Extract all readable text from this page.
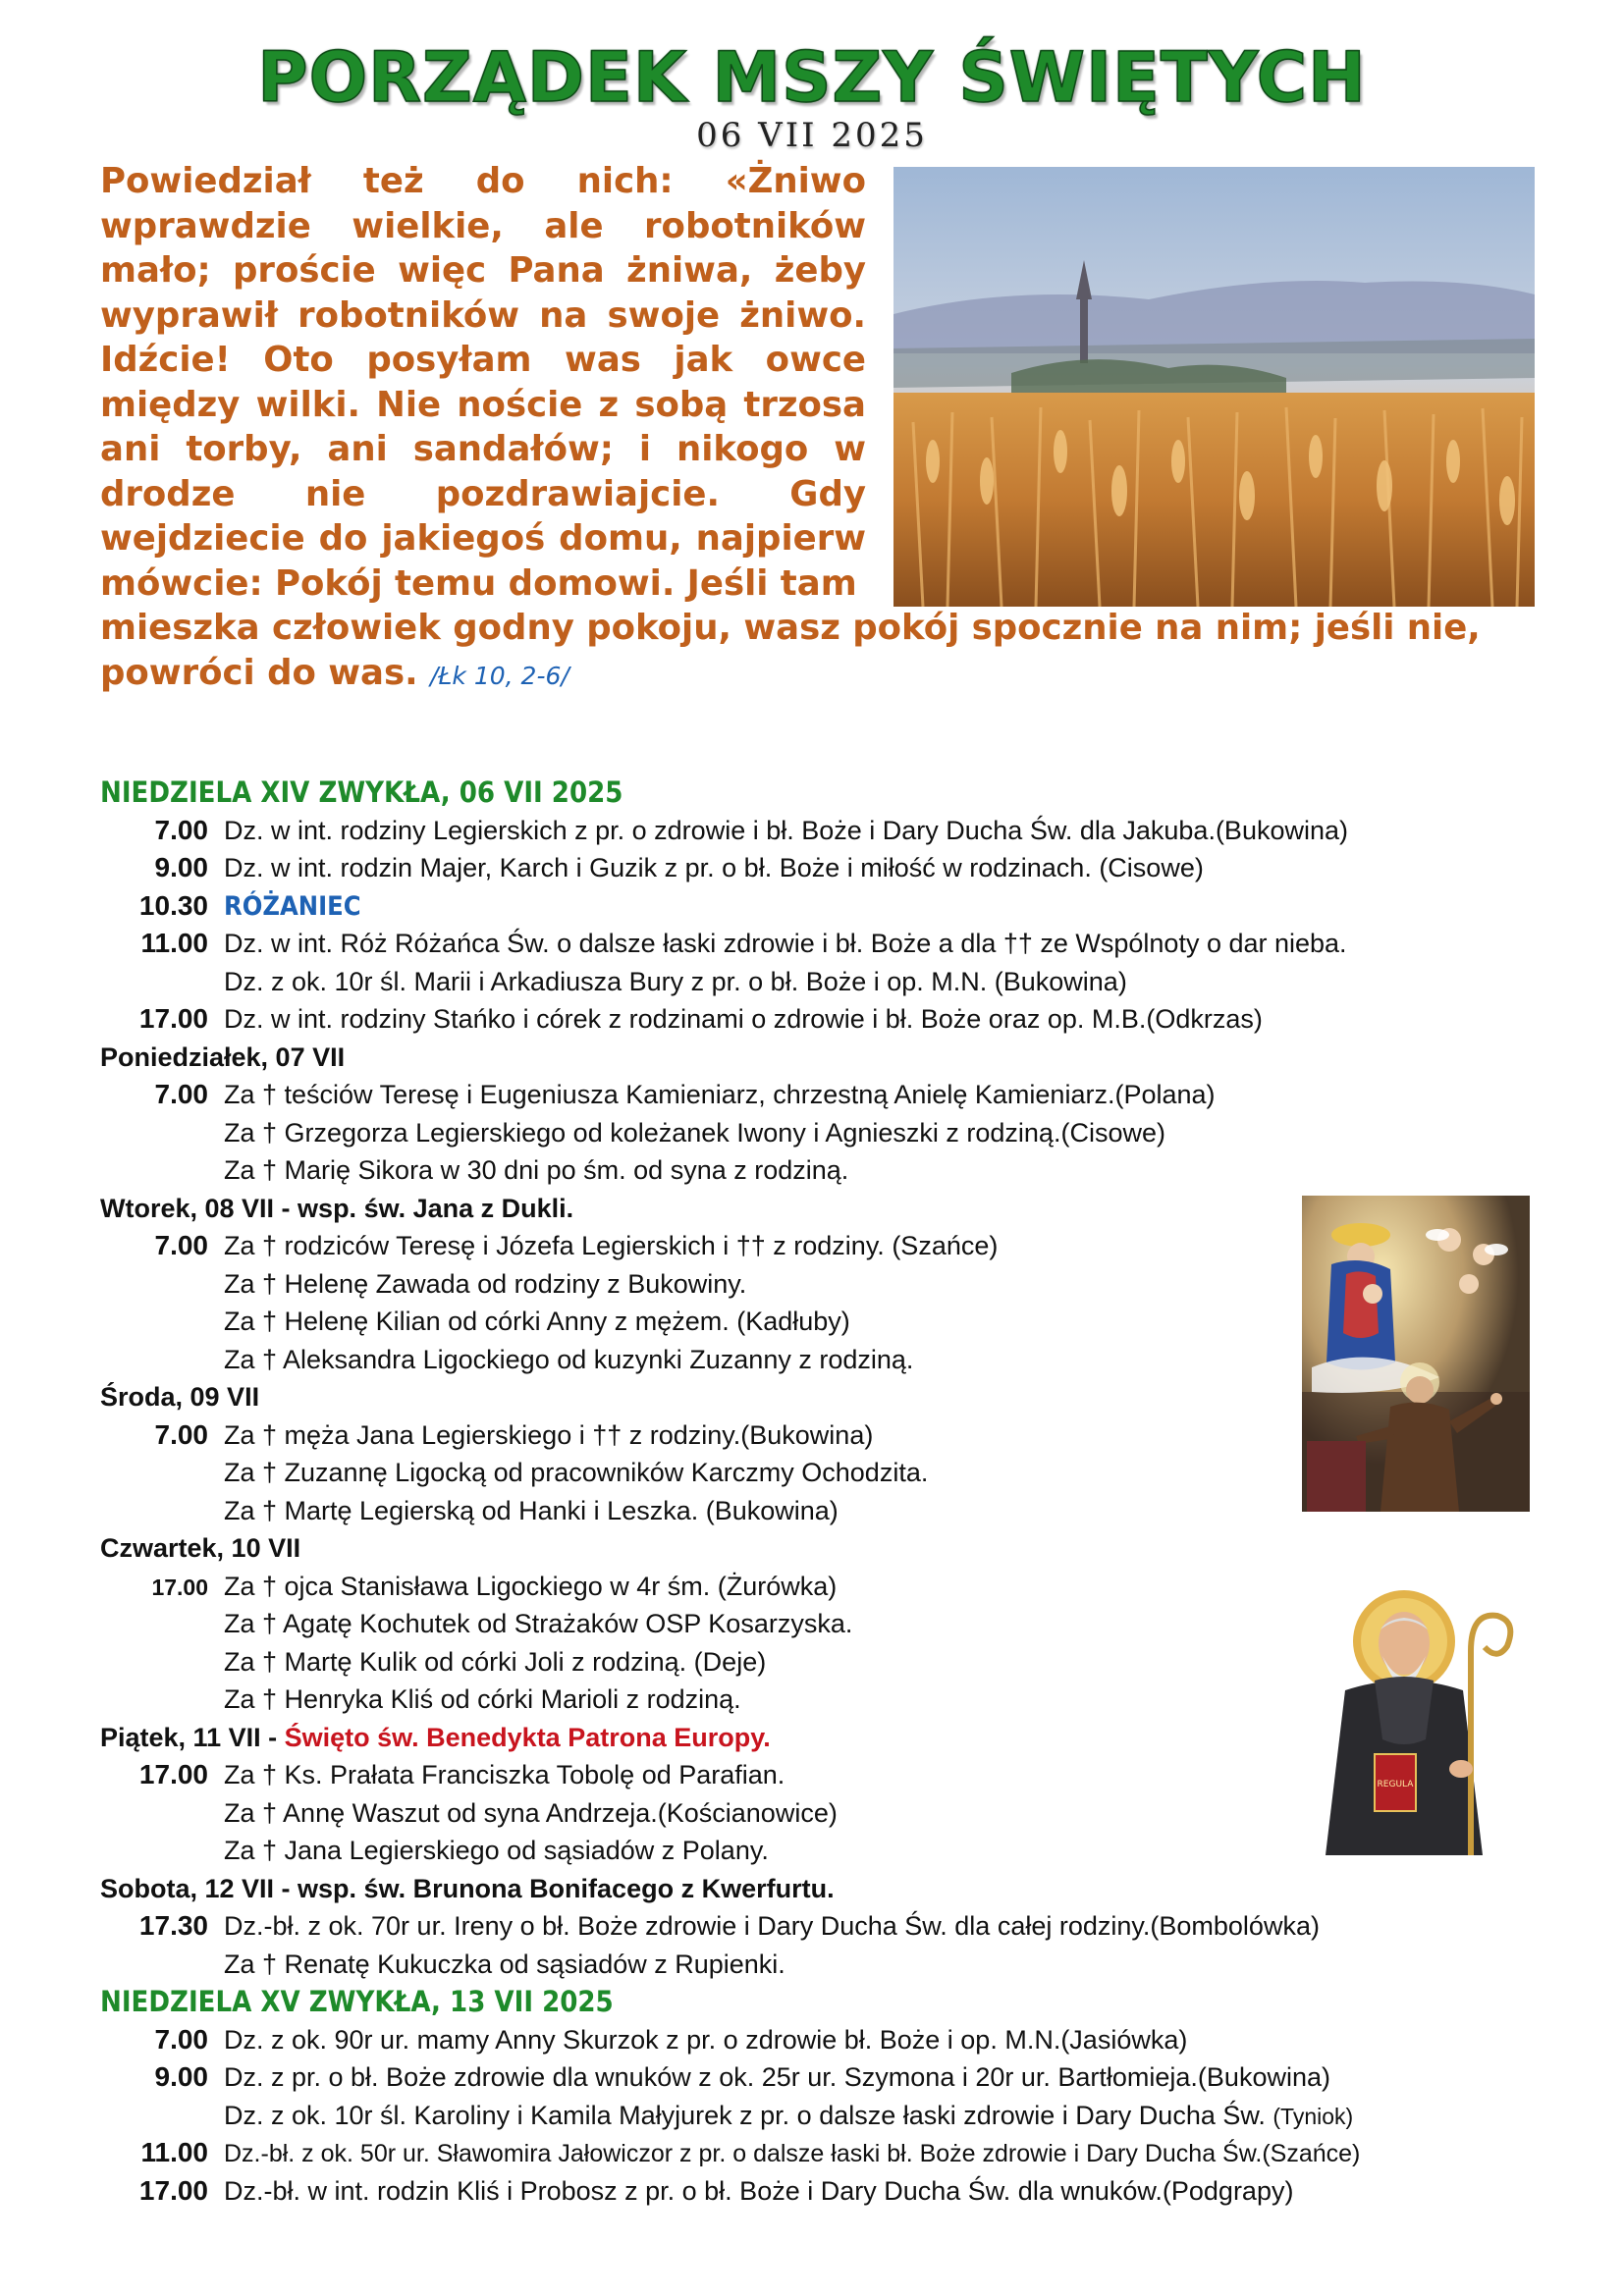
PORZĄDEK MSZY ŚWIĘTYCH
06 VII 2025
Powiedział też do nich: «Żniwo wprawdzie wielkie, ale robotników mało; proście więc Pana żniwa, żeby wyprawił robotników na swoje żniwo. Idźcie! Oto posyłam was jak owce między wilki. Nie noście z sobą trzosa ani torby, ani sandałów; i nikogo w drodze nie pozdrawiajcie. Gdy wejdziecie do jakiegoś domu, najpierw mówcie: Pokój temu domowi. Jeśli tam
mieszka człowiek godny pokoju, wasz pokój spocznie na nim; jeśli nie, powróci do was. /Łk 10, 2-6/
NIEDZIELA XIV ZWYKŁA, 06 VII 2025
7.00 Dz. w int. rodziny Legierskich z pr. o zdrowie i bł. Boże i Dary Ducha Św. dla Jakuba.(Bukowina)
9.00 Dz. w int. rodzin Majer, Karch i Guzik z pr. o bł. Boże i miłość w rodzinach. (Cisowe)
10.30 RÓŻANIEC
11.00 Dz. w int. Róż Różańca Św. o dalsze łaski zdrowie i bł. Boże a dla †† ze Wspólnoty o dar nieba.
Dz. z ok. 10r śl. Marii i Arkadiusza Bury z pr. o bł. Boże i op. M.N. (Bukowina)
17.00 Dz. w int. rodziny Stańko i córek z rodzinami o zdrowie i bł. Boże oraz op. M.B.(Odkrzas)
Poniedziałek, 07 VII
7.00 Za † teściów Teresę i Eugeniusza Kamieniarz, chrzestną Anielę Kamieniarz.(Polana)
Za † Grzegorza Legierskiego od koleżanek Iwony i Agnieszki z rodziną.(Cisowe)
Za † Marię Sikora w 30 dni po śm. od syna z rodziną.
Wtorek, 08 VII - wsp. św. Jana z Dukli.
7.00 Za † rodziców Teresę i Józefa Legierskich i †† z rodziny. (Szańce)
Za † Helenę Zawada od rodziny z Bukowiny.
Za † Helenę Kilian od córki Anny z mężem. (Kadłuby)
Za † Aleksandra Ligockiego od kuzynki Zuzanny z rodziną.
Środa, 09 VII
7.00 Za † męża Jana Legierskiego i †† z rodziny.(Bukowina)
Za † Zuzannę Ligocką od pracowników Karczmy Ochodzita.
Za † Martę Legierską od Hanki i Leszka. (Bukowina)
Czwartek, 10 VII
17.00 Za † ojca Stanisława Ligockiego w 4r śm. (Żurówka)
Za † Agatę Kochutek od Strażaków OSP Kosarzyska.
Za † Martę Kulik od córki Joli z rodziną. (Deje)
Za † Henryka Kliś od córki Marioli z rodziną.
Piątek, 11 VII - Święto św. Benedykta Patrona Europy.
17.00 Za † Ks. Prałata Franciszka Tobolę od Parafian.
Za † Annę Waszut od syna Andrzeja.(Kościanowice)
Za † Jana Legierskiego od sąsiadów z Polany.
Sobota, 12 VII - wsp. św. Brunona Bonifacego z Kwerfurtu.
17.30 Dz.-bł. z ok. 70r ur. Ireny o bł. Boże zdrowie i Dary Ducha Św. dla całej rodziny.(Bombolówka)
Za † Renatę Kukuczka od sąsiadów z Rupienki.
NIEDZIELA XV ZWYKŁA, 13 VII 2025
7.00 Dz. z ok. 90r ur. mamy Anny Skurzok z pr. o zdrowie bł. Boże i op. M.N.(Jasiówka)
9.00 Dz. z pr. o bł. Boże zdrowie dla wnuków z ok. 25r ur. Szymona i 20r ur. Bartłomieja.(Bukowina)
Dz. z ok. 10r śl. Karoliny i Kamila Małyjurek z pr. o dalsze łaski zdrowie i Dary Ducha Św. (Tyniok)
11.00 Dz.-bł. z ok. 50r ur. Sławomira Jałowiczor z pr. o dalsze łaski bł. Boże zdrowie i Dary Ducha Św.(Szańce)
17.00 Dz.-bł. w int. rodzin Kliś i Probosz z pr. o bł. Boże i Dary Ducha Św. dla wnuków.(Podgrapy)
REGULA
